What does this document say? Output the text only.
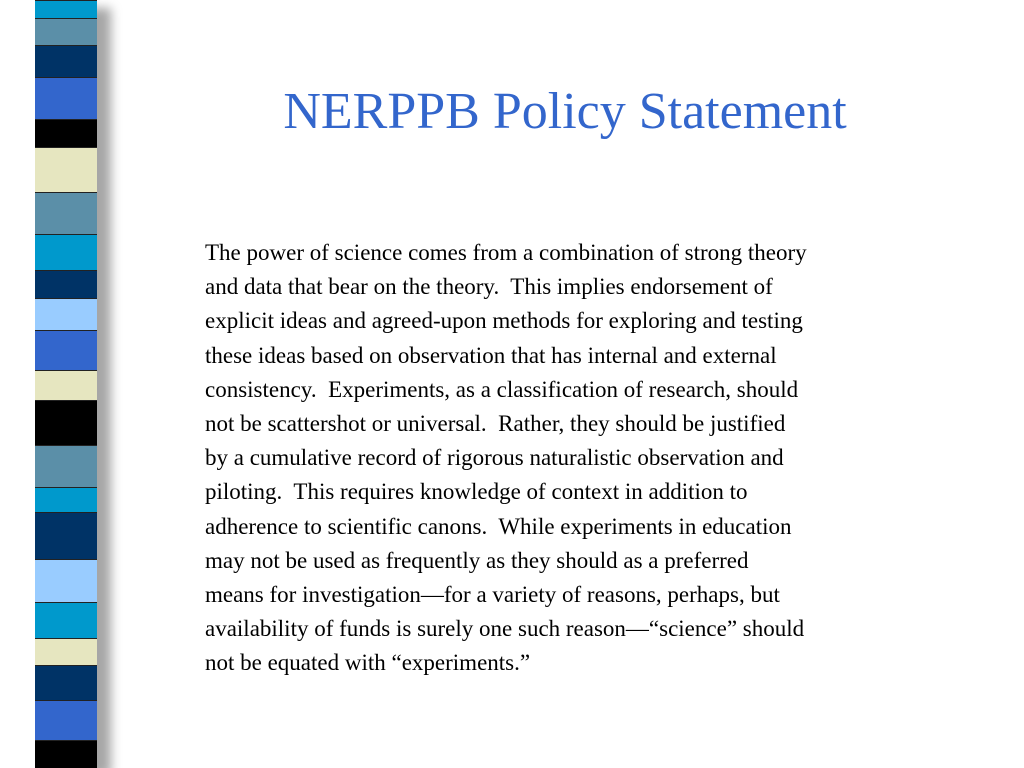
NERPPB Policy Statement
The power of science comes from a combination of strong theory
and data that bear on the theory.  This implies endorsement of
explicit ideas and agreed-upon methods for exploring and testing
these ideas based on observation that has internal and external
consistency.  Experiments, as a classification of research, should
not be scattershot or universal.  Rather, they should be justified
by a cumulative record of rigorous naturalistic observation and
piloting.  This requires knowledge of context in addition to
adherence to scientific canons.  While experiments in education
may not be used as frequently as they should as a preferred
means for investigation—for a variety of reasons, perhaps, but
availability of funds is surely one such reason—“science” should
not be equated with “experiments.”
